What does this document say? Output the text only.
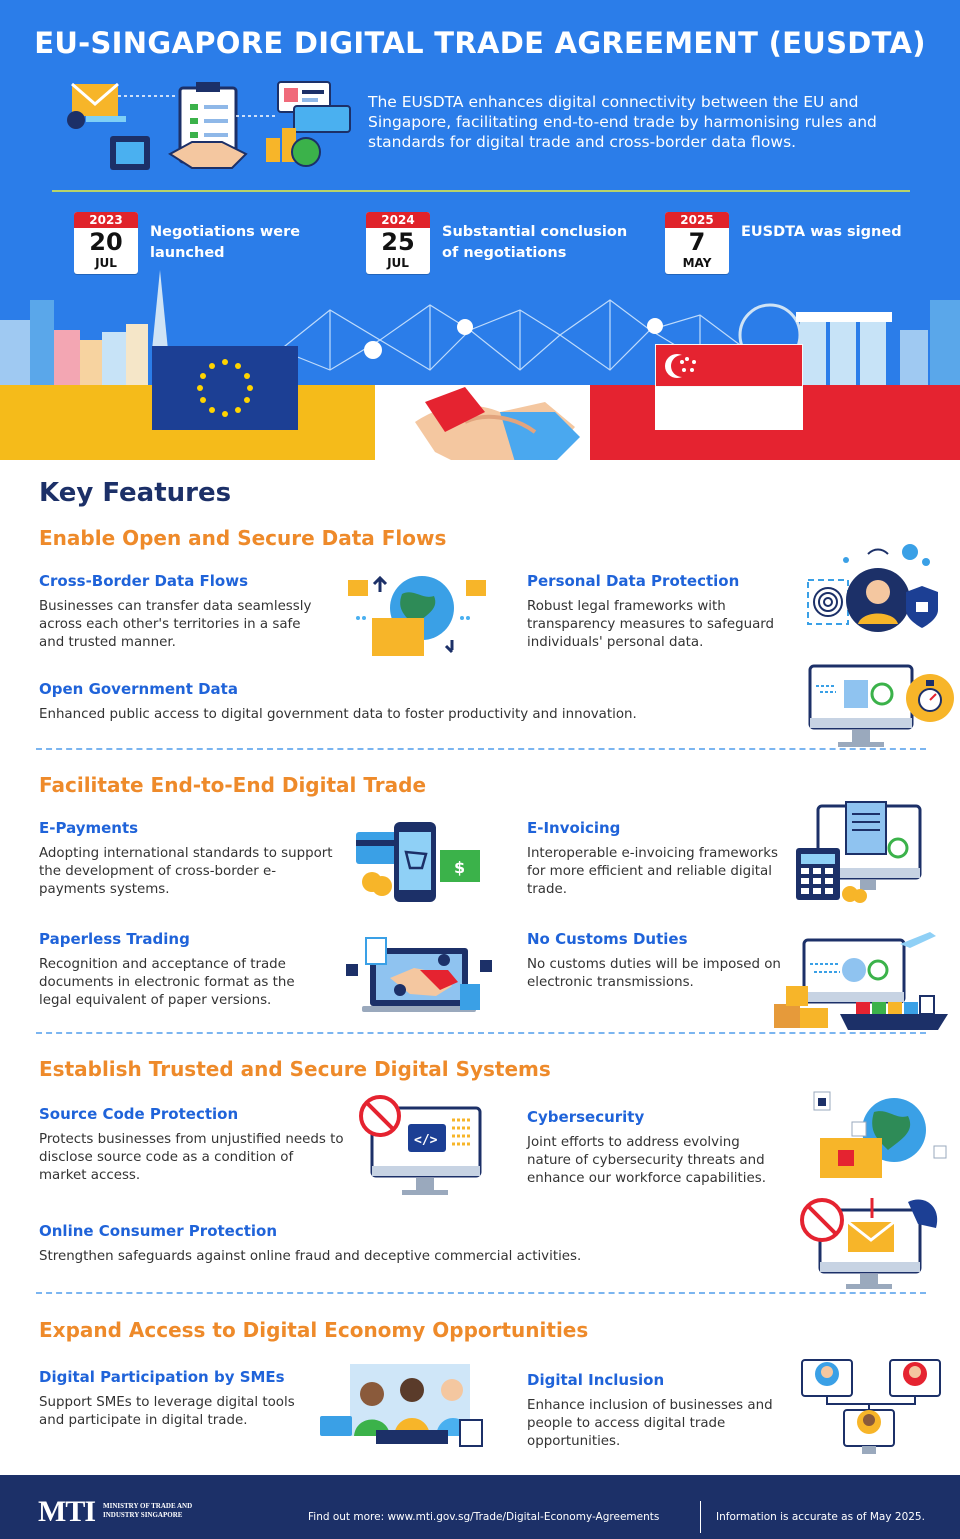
EU-SINGAPORE DIGITAL TRADE AGREEMENT (EUSDTA)
The EUSDTA enhances digital connectivity between the EU and Singapore, facilitating end-to-end trade by harmonising rules and standards for digital trade and cross-border data flows.
2023
20
JUL
Negotiations were launched
2024
25
JUL
Substantial conclusion of negotiations
2025
7
MAY
EUSDTA was signed
Key Features
Enable Open and Secure Data Flows
Cross-Border Data Flows
Businesses can transfer data seamlessly across each other's territories in a safe and trusted manner.
Personal Data Protection
Robust legal frameworks with transparency measures to safeguard individuals' personal data.
Open Government Data
Enhanced public access to digital government data to foster productivity and innovation.
Facilitate End-to-End Digital Trade
E-Payments
Adopting international standards to support the development of cross-border e-payments systems.
$
E-Invoicing
Interoperable e-invoicing frameworks for more efficient and reliable digital trade.
Paperless Trading
Recognition and acceptance of trade documents in electronic format as the legal equivalent of paper versions.
No Customs Duties
No customs duties will be imposed on electronic transmissions.
Establish Trusted and Secure Digital Systems
Source Code Protection
Protects businesses from unjustified needs to disclose source code as a condition of market access.
</>
Cybersecurity
Joint efforts to address evolving nature of cybersecurity threats and enhance our workforce capabilities.
Online Consumer Protection
Strengthen safeguards against online fraud and deceptive commercial activities.
Expand Access to Digital Economy Opportunities
Digital Participation by SMEs
Support SMEs to leverage digital tools and participate in digital trade.
Digital Inclusion
Enhance inclusion of businesses and people to access digital trade opportunities.
MTI MINISTRY OF TRADE AND INDUSTRY SINGAPORE	Find out more: www.mti.gov.sg/Trade/Digital-Economy-Agreements	Information is accurate as of May 2025.
